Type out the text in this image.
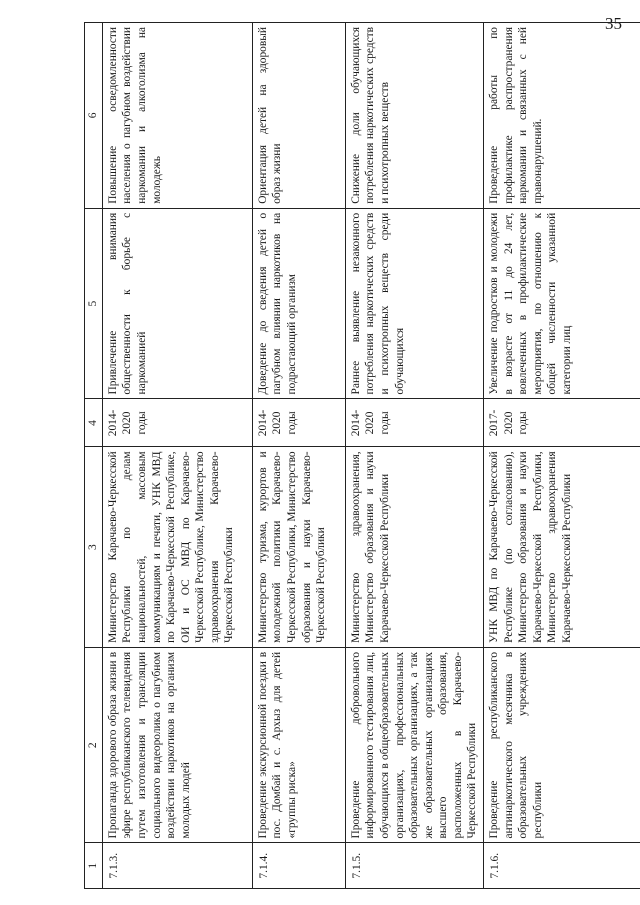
35
1	2	3	4	5	6
7.1.3.	Пропаганда здорового образа жизни в эфире республиканского телевидения путем изготовления и трансляции социального видеоролика о пагубном воздействии наркотиков на организм молодых людей	Министерство Карачаево-Черкесской Республики по делам национальностей, массовым коммуникациям и печати, УНК МВД по Карачаево-Черкесской Республике, ОИ и ОС МВД по Карачаево-Черкесской Республике, Министерство здравоохранения Карачаево-Черкесской Республики	2014-2020 годы	Привлечение внимания общественности к борьбе с наркоманией	Повышение осведомленности населения о пагубном воздействии наркомании и алкоголизма на молодежь
7.1.4.	Проведение экскурсионной поездки в пос. Домбай и с. Архыз для детей «группы риска»	Министерство туризма, курортов и молодежной политики Карачаево-Черкесской Республики, Министерство образования и науки Карачаево-Черкесской Республики	2014-2020 годы	Доведение до сведения детей о пагубном влиянии наркотиков на подрастающий организм	Ориентация детей на здоровый образ жизни
7.1.5.	Проведение добровольного информированного тестирования лиц, обучающихся в общеобразовательных организациях, профессиональных образовательных организациях, а так же образовательных организациях высшего образования, расположенных в Карачаево-Черкесской Республики	Министерство здравоохранения, Министерство образования и науки Карачаево-Черкесской Республики	2014-2020 годы	Раннее выявление незаконного потребления наркотических средств и психотропных веществ среди обучающихся	Снижение доли обучающихся потребления наркотических средств и психотропных веществ
7.1.6.	Проведение республиканского антинаркотического месячника в образовательных учреждениях республики	УНК МВД по Карачаево-Черкесской Республике (по согласованию), Министерство образования и науки Карачаево-Черкесской Республики, Министерство здравоохранения Карачаево-Черкесской Республики	2017-2020 годы	Увеличение подростков и молодежи в возрасте от 11 до 24 лет, вовлеченных в профилактические мероприятия, по отношению к общей численности указанной категории лиц	Проведение работы по профилактике распространения наркомании и связанных с ней правонарушений.
